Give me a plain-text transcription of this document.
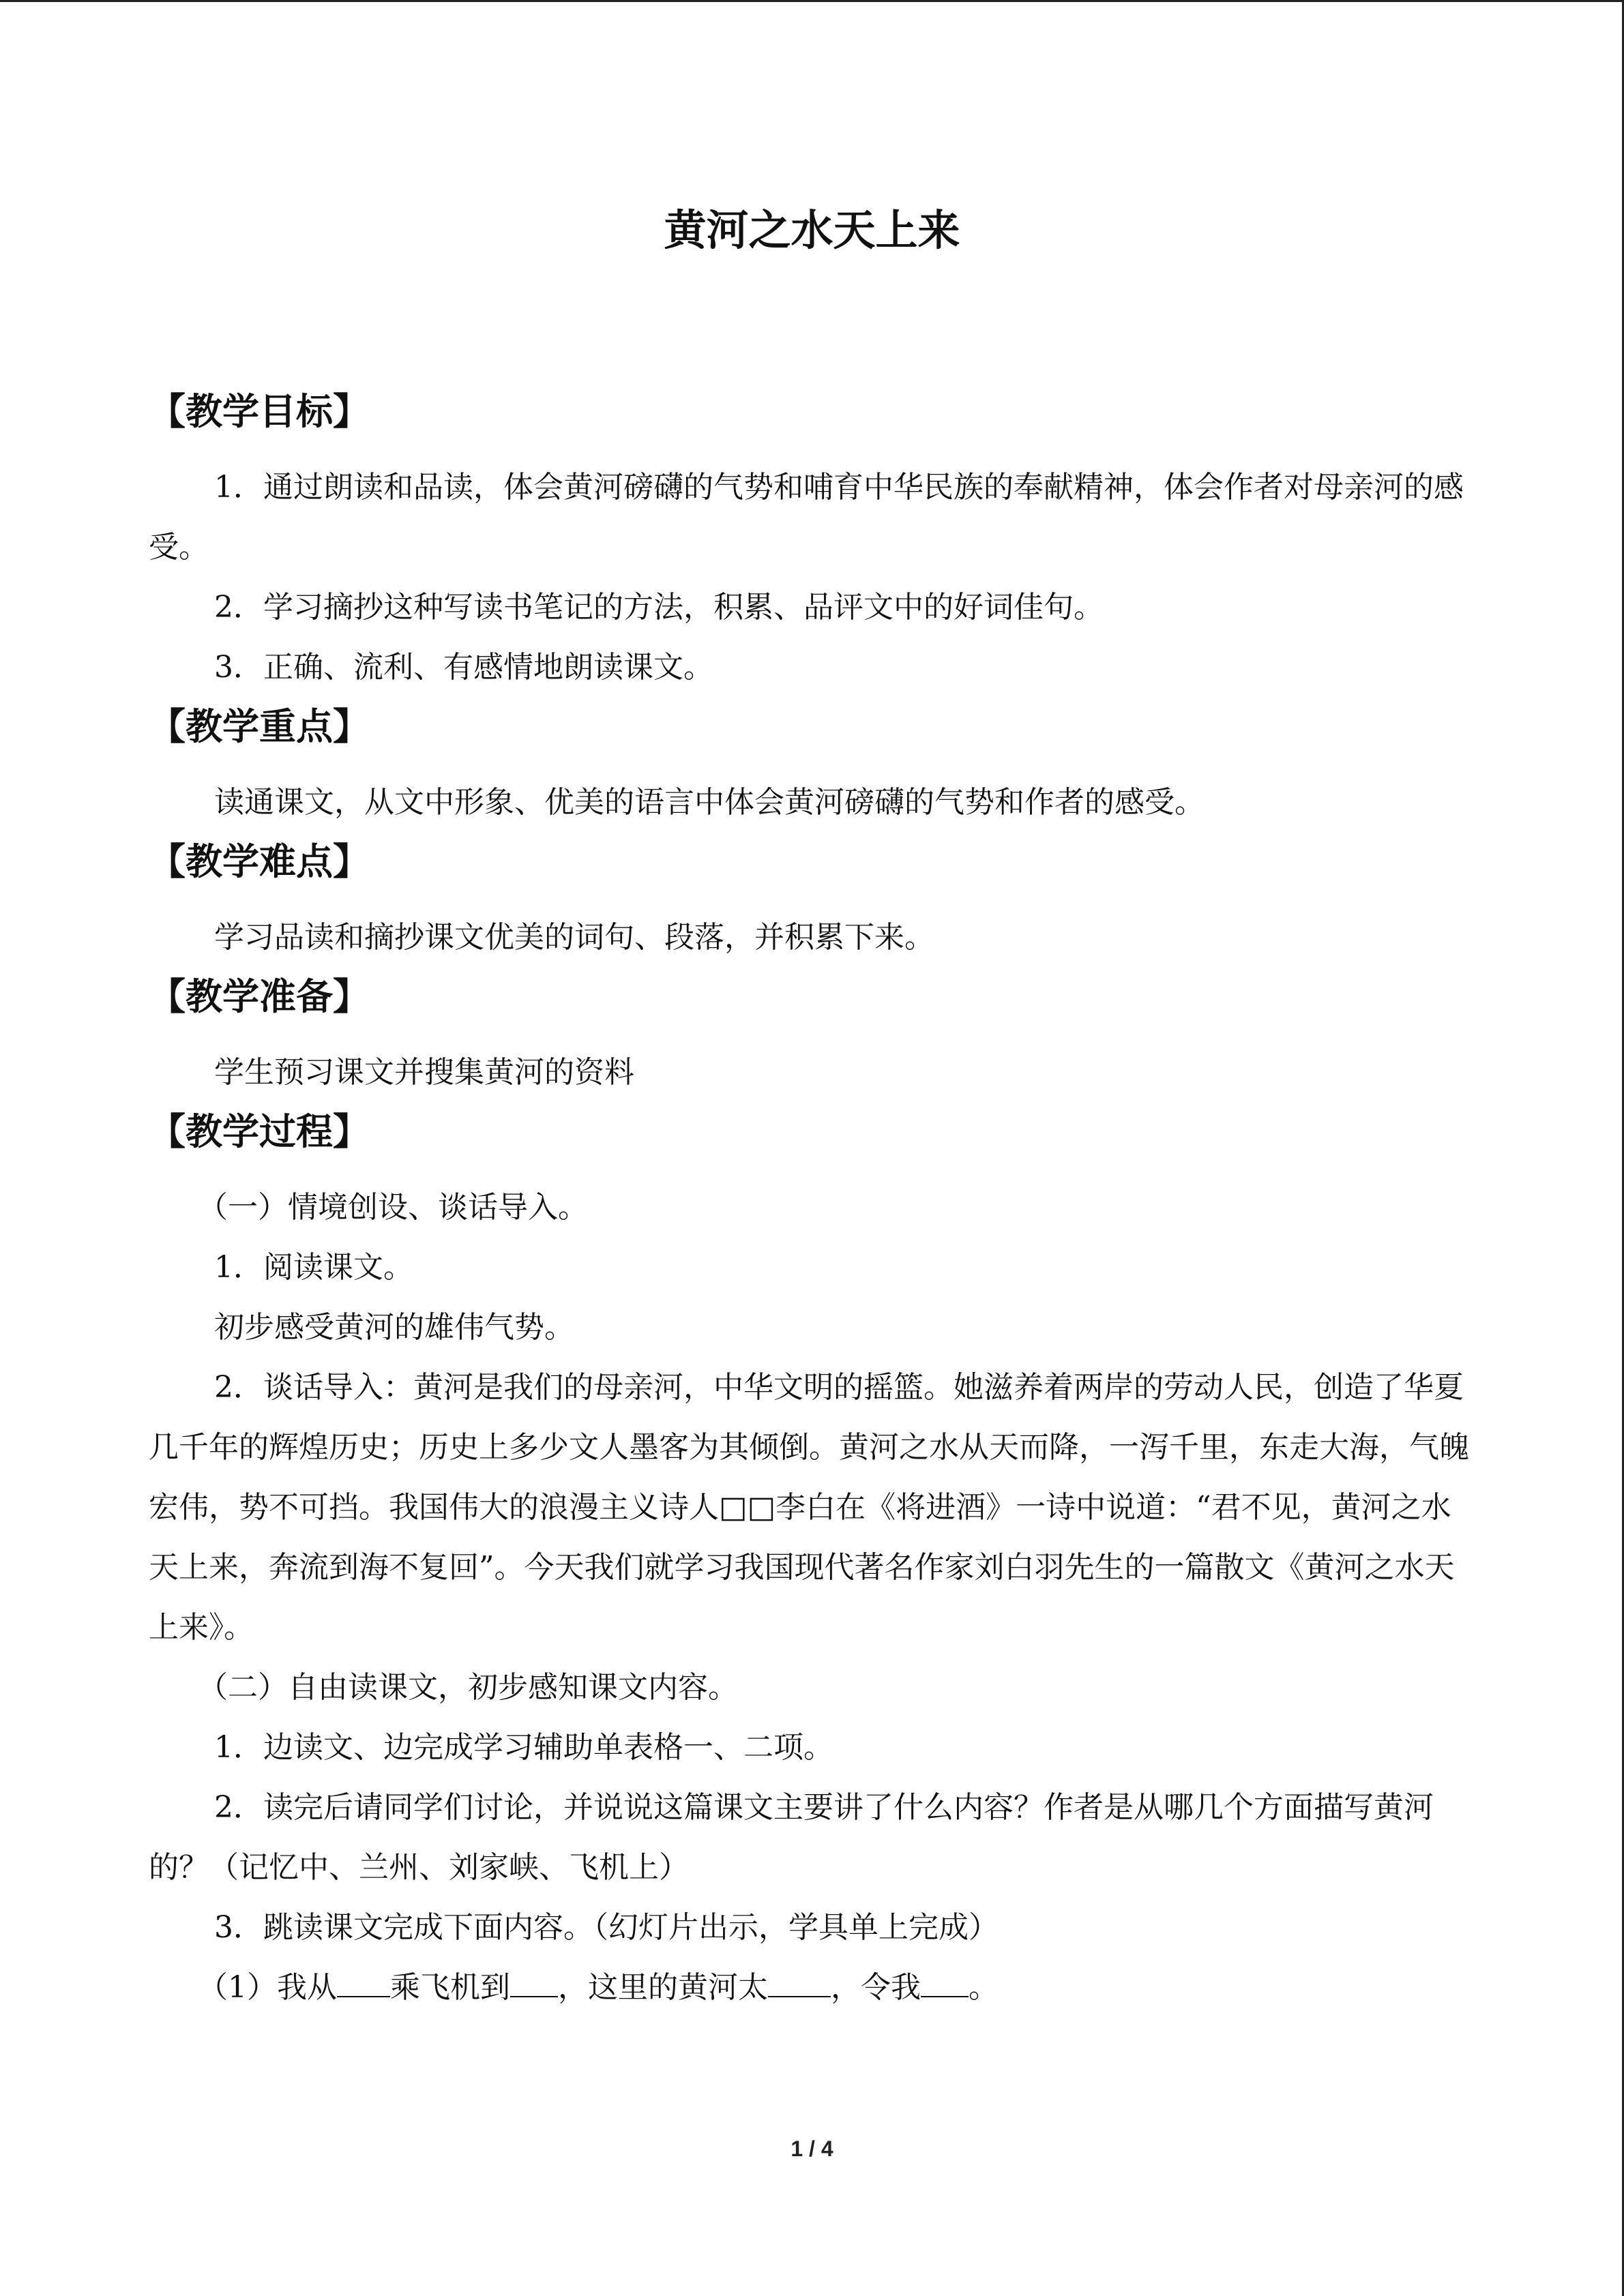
黄河之水天上来
【教学目标】

1．通过朗读和品读，体会黄河磅礴的气势和哺育中华民族的奉献精神，体会作者对母亲河的感受。

2．学习摘抄这种写读书笔记的方法，积累、品评文中的好词佳句。

3．正确、流利、有感情地朗读课文。

【教学重点】

读通课文，从文中形象、优美的语言中体会黄河磅礴的气势和作者的感受。

【教学难点】

学习品读和摘抄课文优美的词句、段落，并积累下来。

【教学准备】

学生预习课文并搜集黄河的资料

【教学过程】

（一）情境创设、谈话导入。

1．阅读课文。

初步感受黄河的雄伟气势。

2．谈话导入：黄河是我们的母亲河，中华文明的摇篮。她滋养着两岸的劳动人民，创造了华夏几千年的辉煌历史；历史上多少文人墨客为其倾倒。黄河之水从天而降，一泻千里，东走大海，气魄宏伟，势不可挡。我国伟大的浪漫主义诗人□□李白在《将进酒》一诗中说道：“君不见，黄河之水天上来，奔流到海不复回”。今天我们就学习我国现代著名作家刘白羽先生的一篇散文《黄河之水天上来》。

（二）自由读课文，初步感知课文内容。

1．边读文、边完成学习辅助单表格一、二项。

2．读完后请同学们讨论，并说说这篇课文主要讲了什么内容？作者是从哪几个方面描写黄河的？（记忆中、兰州、刘家峡、飞机上）

3．跳读课文完成下面内容。（幻灯片出示，学具单上完成）

（1）我从 乘飞机到 ，这里的黄河太 ，令我 。

1 / 4
